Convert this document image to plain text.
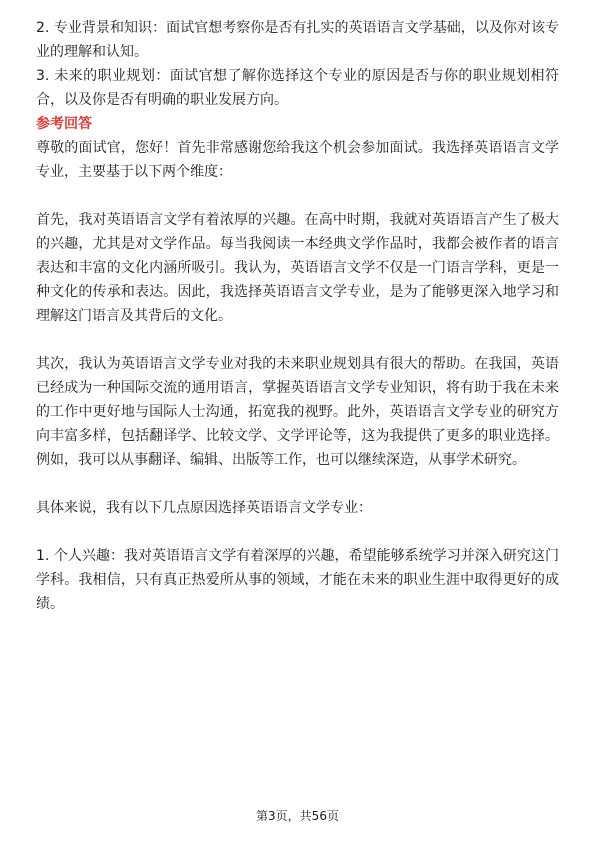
2. 专业背景和知识：面试官想考察你是否有扎实的英语语言文学基础，以及你对该专业的理解和认知。

3. 未来的职业规划：面试官想了解你选择这个专业的原因是否与你的职业规划相符合，以及你是否有明确的职业发展方向。

参考回答

尊敬的面试官，您好！首先非常感谢您给我这个机会参加面试。我选择英语语言文学专业，主要基于以下两个维度：

首先，我对英语语言文学有着浓厚的兴趣。在高中时期，我就对英语语言产生了极大的兴趣，尤其是对文学作品。每当我阅读一本经典文学作品时，我都会被作者的语言表达和丰富的文化内涵所吸引。我认为，英语语言文学不仅是一门语言学科，更是一种文化的传承和表达。因此，我选择英语语言文学专业，是为了能够更深入地学习和理解这门语言及其背后的文化。

其次，我认为英语语言文学专业对我的未来职业规划具有很大的帮助。在我国，英语已经成为一种国际交流的通用语言，掌握英语语言文学专业知识，将有助于我在未来的工作中更好地与国际人士沟通，拓宽我的视野。此外，英语语言文学专业的研究方向丰富多样，包括翻译学、比较文学、文学评论等，这为我提供了更多的职业选择。例如，我可以从事翻译、编辑、出版等工作，也可以继续深造，从事学术研究。

具体来说，我有以下几点原因选择英语语言文学专业：

1. 个人兴趣：我对英语语言文学有着深厚的兴趣，希望能够系统学习并深入研究这门学科。我相信，只有真正热爱所从事的领域，才能在未来的职业生涯中取得更好的成绩。

第3页，共56页
